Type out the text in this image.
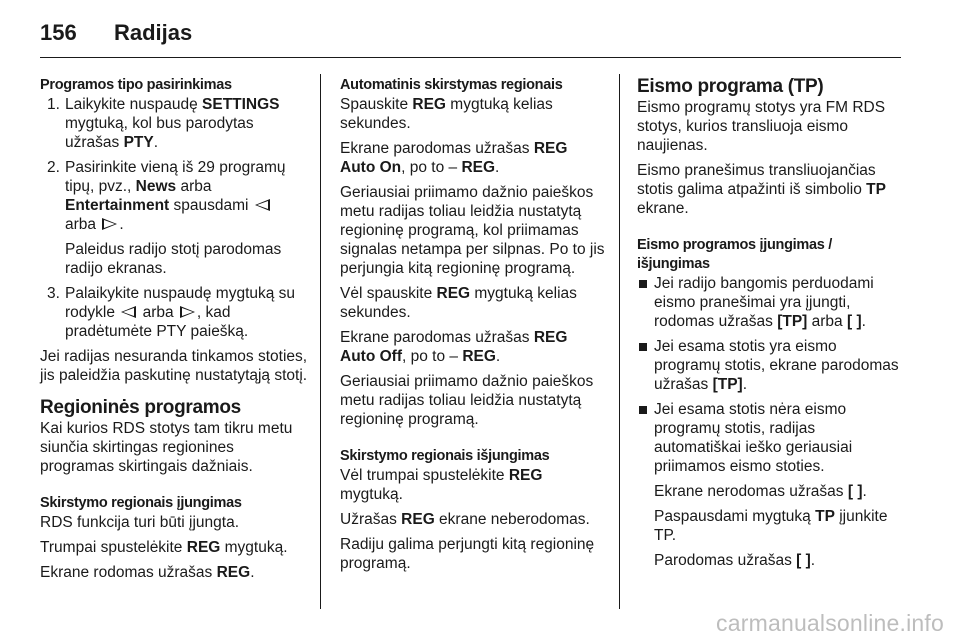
156 Radijas
Programos tipo pasirinkimas
1. Laikykite nuspaudę SETTINGS mygtuką, kol bus parodytas užrašas PTY.
2. Pasirinkite vieną iš 29 programų tipų, pvz., News arba
Entertainment spausdami
arba .
Paleidus radijo stotį parodomas radijo ekranas.
3. Palaikykite nuspaudę mygtuką su rodykle  arba , kad pradėtumėte PTY paiešką.

Jei radijas nesuranda tinkamos stoties, jis paleidžia paskutinę nustatytąją stotį.

Regioninės programos

Kai kurios RDS stotys tam tikru metu siunčia skirtingas regionines programas skirtingais dažniais.

Skirstymo regionais įjungimas

RDS funkcija turi būti įjungta.

Trumpai spustelėkite REG mygtuką.

Ekrane rodomas užrašas REG.

Automatinis skirstymas regionais

Spauskite REG mygtuką kelias sekundes.

Ekrane parodomas užrašas REG Auto On, po to – REG.

Geriausiai priimamo dažnio paieškos metu radijas toliau leidžia nustatytą regioninę programą, kol priimamas signalas netampa per silpnas. Po to jis perjungia kitą regioninę programą.

Vėl spauskite REG mygtuką kelias sekundes.

Ekrane parodomas užrašas REG Auto Off, po to – REG.

Geriausiai priimamo dažnio paieškos metu radijas toliau leidžia nustatytą regioninę programą.

Skirstymo regionais išjungimas

Vėl trumpai spustelėkite REG mygtuką.

Užrašas REG ekrane neberodomas.

Radiju galima perjungti kitą regioninę programą.

Eismo programa (TP)

Eismo programų stotys yra FM RDS stotys, kurios transliuoja eismo naujienas.

Eismo pranešimus transliuojančias stotis galima atpažinti iš simbolio TP ekrane.

Eismo programos įjungimas / išjungimas
Jei radijo bangomis perduodami eismo pranešimai yra įjungti, rodomas užrašas [TP] arba [ ].
Jei esama stotis yra eismo programų stotis, ekrane parodomas užrašas [TP].
Jei esama stotis nėra eismo programų stotis, radijas automatiškai ieško geriausiai priimamos eismo stoties.

Ekrane nerodomas užrašas [ ].

Paspausdami mygtuką TP įjunkite TP.

Parodomas užrašas [ ].

carmanualsonline.info
